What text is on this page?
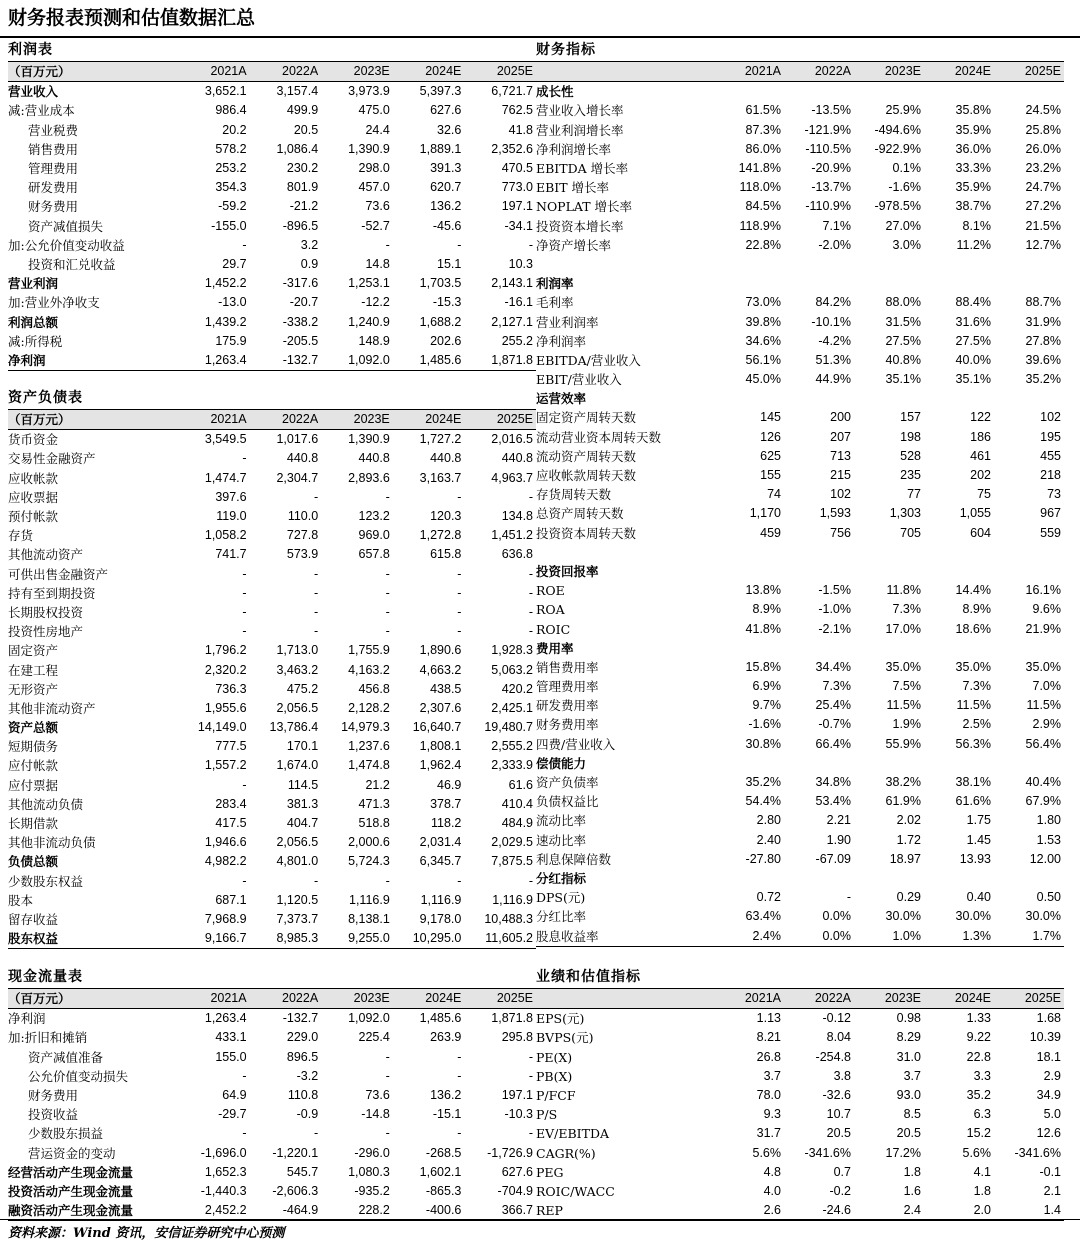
财务报表预测和估值数据汇总
利润表
（百万元）	2021A	2022A	2023E	2024E	2025E
营业收入	3,652.1	3,157.4	3,973.9	5,397.3	6,721.7
减:营业成本	986.4	499.9	475.0	627.6	762.5
营业税费	20.2	20.5	24.4	32.6	41.8
销售费用	578.2	1,086.4	1,390.9	1,889.1	2,352.6
管理费用	253.2	230.2	298.0	391.3	470.5
研发费用	354.3	801.9	457.0	620.7	773.0
财务费用	-59.2	-21.2	73.6	136.2	197.1
资产减值损失	-155.0	-896.5	-52.7	-45.6	-34.1
加:公允价值变动收益	-	3.2	-	-	-
投资和汇兑收益	29.7	0.9	14.8	15.1	10.3
营业利润	1,452.2	-317.6	1,253.1	1,703.5	2,143.1
加:营业外净收支	-13.0	-20.7	-12.2	-15.3	-16.1
利润总额	1,439.2	-338.2	1,240.9	1,688.2	2,127.1
减:所得税	175.9	-205.5	148.9	202.6	255.2
净利润	1,263.4	-132.7	1,092.0	1,485.6	1,871.8
资产负债表
（百万元）	2021A	2022A	2023E	2024E	2025E
货币资金	3,549.5	1,017.6	1,390.9	1,727.2	2,016.5
交易性金融资产	-	440.8	440.8	440.8	440.8
应收帐款	1,474.7	2,304.7	2,893.6	3,163.7	4,963.7
应收票据	397.6	-	-	-	-
预付帐款	119.0	110.0	123.2	120.3	134.8
存货	1,058.2	727.8	969.0	1,272.8	1,451.2
其他流动资产	741.7	573.9	657.8	615.8	636.8
可供出售金融资产	-	-	-	-	-
持有至到期投资	-	-	-	-	-
长期股权投资	-	-	-	-	-
投资性房地产	-	-	-	-	-
固定资产	1,796.2	1,713.0	1,755.9	1,890.6	1,928.3
在建工程	2,320.2	3,463.2	4,163.2	4,663.2	5,063.2
无形资产	736.3	475.2	456.8	438.5	420.2
其他非流动资产	1,955.6	2,056.5	2,128.2	2,307.6	2,425.1
资产总额	14,149.0	13,786.4	14,979.3	16,640.7	19,480.7
短期债务	777.5	170.1	1,237.6	1,808.1	2,555.2
应付帐款	1,557.2	1,674.0	1,474.8	1,962.4	2,333.9
应付票据	-	114.5	21.2	46.9	61.6
其他流动负债	283.4	381.3	471.3	378.7	410.4
长期借款	417.5	404.7	518.8	118.2	484.9
其他非流动负债	1,946.6	2,056.5	2,000.6	2,031.4	2,029.5
负债总额	4,982.2	4,801.0	5,724.3	6,345.7	7,875.5
少数股东权益	-	-	-	-	-
股本	687.1	1,120.5	1,116.9	1,116.9	1,116.9
留存收益	7,968.9	7,373.7	8,138.1	9,178.0	10,488.3
股东权益	9,166.7	8,985.3	9,255.0	10,295.0	11,605.2
现金流量表
（百万元）	2021A	2022A	2023E	2024E	2025E
净利润	1,263.4	-132.7	1,092.0	1,485.6	1,871.8
加:折旧和摊销	433.1	229.0	225.4	263.9	295.8
资产减值准备	155.0	896.5	-	-	-
公允价值变动损失	-	-3.2	-	-	-
财务费用	64.9	110.8	73.6	136.2	197.1
投资收益	-29.7	-0.9	-14.8	-15.1	-10.3
少数股东损益	-	-	-	-	-
营运资金的变动	-1,696.0	-1,220.1	-296.0	-268.5	-1,726.9
经营活动产生现金流量	1,652.3	545.7	1,080.3	1,602.1	627.6
投资活动产生现金流量	-1,440.3	-2,606.3	-935.2	-865.3	-704.9
融资活动产生现金流量	2,452.2	-464.9	228.2	-400.6	366.7
财务指标
	2021A	2022A	2023E	2024E	2025E
成长性					
营业收入增长率	61.5%	-13.5%	25.9%	35.8%	24.5%
营业利润增长率	87.3%	-121.9%	-494.6%	35.9%	25.8%
净利润增长率	86.0%	-110.5%	-922.9%	36.0%	26.0%
EBITDA 增长率	141.8%	-20.9%	0.1%	33.3%	23.2%
EBIT 增长率	118.0%	-13.7%	-1.6%	35.9%	24.7%
NOPLAT 增长率	84.5%	-110.9%	-978.5%	38.7%	27.2%
投资资本增长率	118.9%	7.1%	27.0%	8.1%	21.5%
净资产增长率	22.8%	-2.0%	3.0%	11.2%	12.7%

利润率					
毛利率	73.0%	84.2%	88.0%	88.4%	88.7%
营业利润率	39.8%	-10.1%	31.5%	31.6%	31.9%
净利润率	34.6%	-4.2%	27.5%	27.5%	27.8%
EBITDA/营业收入	56.1%	51.3%	40.8%	40.0%	39.6%
EBIT/营业收入	45.0%	44.9%	35.1%	35.1%	35.2%
运营效率					
固定资产周转天数	145	200	157	122	102
流动营业资本周转天数	126	207	198	186	195
流动资产周转天数	625	713	528	461	455
应收帐款周转天数	155	215	235	202	218
存货周转天数	74	102	77	75	73
总资产周转天数	1,170	1,593	1,303	1,055	967
投资资本周转天数	459	756	705	604	559

投资回报率					
ROE	13.8%	-1.5%	11.8%	14.4%	16.1%
ROA	8.9%	-1.0%	7.3%	8.9%	9.6%
ROIC	41.8%	-2.1%	17.0%	18.6%	21.9%
费用率					
销售费用率	15.8%	34.4%	35.0%	35.0%	35.0%
管理费用率	6.9%	7.3%	7.5%	7.3%	7.0%
研发费用率	9.7%	25.4%	11.5%	11.5%	11.5%
财务费用率	-1.6%	-0.7%	1.9%	2.5%	2.9%
四费/营业收入	30.8%	66.4%	55.9%	56.3%	56.4%
偿债能力					
资产负债率	35.2%	34.8%	38.2%	38.1%	40.4%
负债权益比	54.4%	53.4%	61.9%	61.6%	67.9%
流动比率	2.80	2.21	2.02	1.75	1.80
速动比率	2.40	1.90	1.72	1.45	1.53
利息保障倍数	-27.80	-67.09	18.97	13.93	12.00
分红指标					
DPS(元)	0.72	-	0.29	0.40	0.50
分红比率	63.4%	0.0%	30.0%	30.0%	30.0%
股息收益率	2.4%	0.0%	1.0%	1.3%	1.7%
业绩和估值指标
	2021A	2022A	2023E	2024E	2025E
EPS(元)	1.13	-0.12	0.98	1.33	1.68
BVPS(元)	8.21	8.04	8.29	9.22	10.39
PE(X)	26.8	-254.8	31.0	22.8	18.1
PB(X)	3.7	3.8	3.7	3.3	2.9
P/FCF	78.0	-32.6	93.0	35.2	34.9
P/S	9.3	10.7	8.5	6.3	5.0
EV/EBITDA	31.7	20.5	20.5	15.2	12.6
CAGR(%)	5.6%	-341.6%	17.2%	5.6%	-341.6%
PEG	4.8	0.7	1.8	4.1	-0.1
ROIC/WACC	4.0	-0.2	1.6	1.8	2.1
REP	2.6	-24.6	2.4	2.0	1.4
资料来源：Wind 资讯，安信证券研究中心预测
